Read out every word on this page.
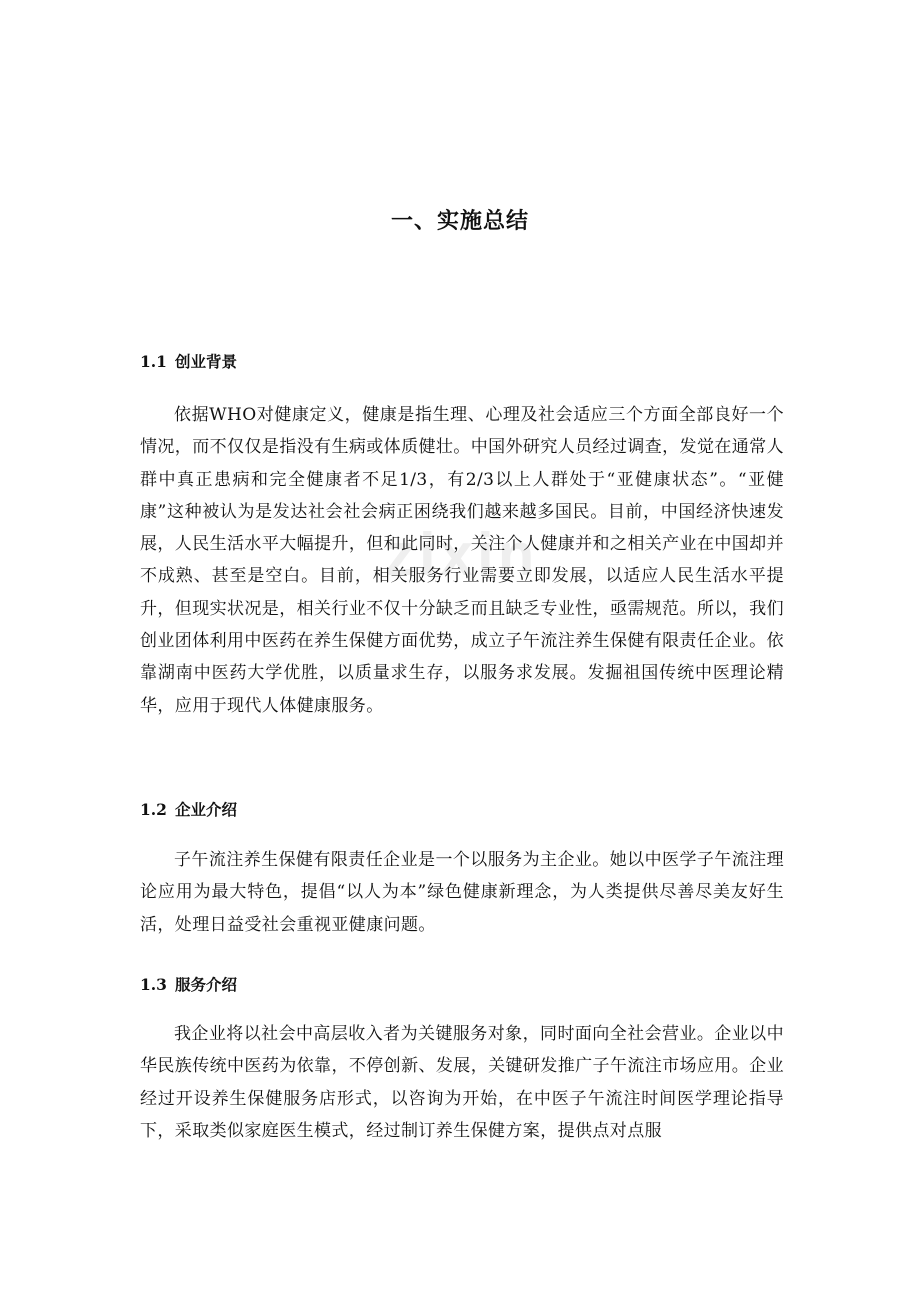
zixin
一、实施总结
1.1 创业背景
依据WHO对健康定义，健康是指生理、心理及社会适应三个方面全部良好一个情况，而不仅仅是指没有生病或体质健壮。中国外研究人员经过调查，发觉在通常人群中真正患病和完全健康者不足1/3，有2/3以上人群处于“亚健康状态”。“亚健康”这种被认为是发达社会社会病正困绕我们越来越多国民。目前，中国经济快速发展，人民生活水平大幅提升，但和此同时，关注个人健康并和之相关产业在中国却并不成熟、甚至是空白。目前，相关服务行业需要立即发展，以适应人民生活水平提升，但现实状况是，相关行业不仅十分缺乏而且缺乏专业性，亟需规范。所以，我们创业团体利用中医药在养生保健方面优势，成立子午流注养生保健有限责任企业。依靠湖南中医药大学优胜，以质量求生存，以服务求发展。发掘祖国传统中医理论精华，应用于现代人体健康服务。
1.2 企业介绍
子午流注养生保健有限责任企业是一个以服务为主企业。她以中医学子午流注理论应用为最大特色，提倡“以人为本”绿色健康新理念，为人类提供尽善尽美友好生活，处理日益受社会重视亚健康问题。
1.3 服务介绍
我企业将以社会中高层收入者为关键服务对象，同时面向全社会营业。企业以中华民族传统中医药为依靠，不停创新、发展，关键研发推广子午流注市场应用。企业经过开设养生保健服务店形式，以咨询为开始，在中医子午流注时间医学理论指导下，采取类似家庭医生模式，经过制订养生保健方案，提供点对点服
